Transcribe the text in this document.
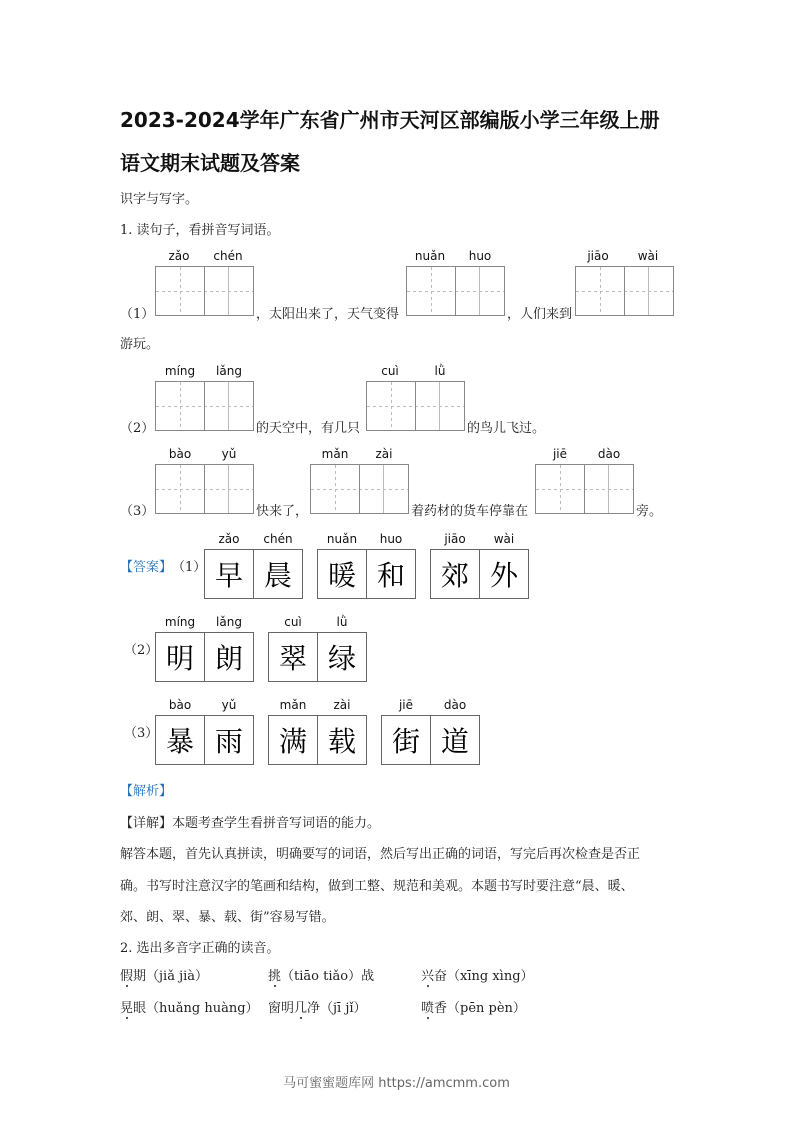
2023-2024学年广东省广州市天河区部编版小学三年级上册
语文期末试题及答案
识字与写字。
1. 读句子，看拼音写词语。
zǎo chén	nuǎn huo	jiāo wài
（1）	，太阳出来了，天气变得	，人们来到
游玩。
míng lǎng	cuì	lǜ
（2）	的天空中，有几只	的鸟儿飞过。
bào	yǔ	mǎn zài	jiē	dào
（3）	快来了，	着药材的货车停靠在	旁。
【答案】 （1）
zǎo chén	nuǎn huo	jiāo wài
早 晨	暖 和	郊 外
（2）
míng lǎng	cuì	lǜ
明 朗	翠 绿
（3）
bào	yǔ	mǎn zài	jiē	dào
暴 雨	满 载	街 道
【解析】
【详解】本题考查学生看拼音写词语的能力。
解答本题，首先认真拼读，明确要写的词语，然后写出正确的词语，写完后再次检查是否正
确。书写时注意汉字的笔画和结构，做到工整、规范和美观。本题书写时要注意“晨、暖、
郊、朗、翠、暴、载、街”容易写错。
2. 选出多音字正确的读音。
假期（jiǎ jià）	挑（tiāo tiǎo）战	兴奋（xīng xìng）
晃眼（huǎng huàng） 窗明几净（jī jǐ）	喷香（pēn pèn）
马可蜜蜜题库网 https://amcmm.com
